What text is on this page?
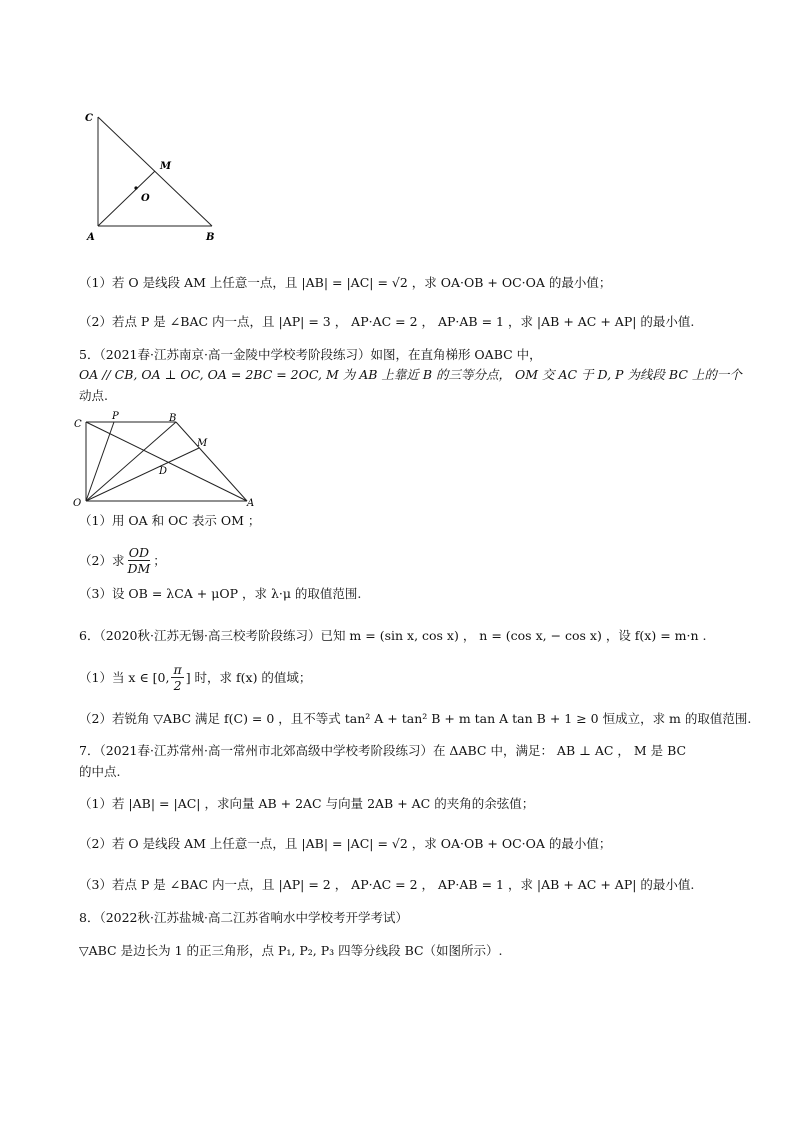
C
M
O
A	B
（1）若 O 是线段 AM 上任意一点，且 |AB| = |AC| = √2 ，求 OA·OB + OC·OA 的最小值；
（2）若点 P 是 ∠BAC 内一点，且 |AP| = 3 ， AP·AC = 2 ， AP·AB = 1 ，求 |AB + AC + AP| 的最小值.
5．（2021春·江苏南京·高一金陵中学校考阶段练习）如图，在直角梯形 OABC 中，
OA // CB, OA ⊥ OC, OA = 2BC = 2OC, M 为 AB 上靠近 B 的三等分点， OM 交 AC 于 D, P 为线段 BC 上的一个
动点.
C
P	B
M
D
O	A
（1）用 OA 和 OC 表示 OM ；
（2）求 $\frac{OD}{DM}$ ；
（3）设 OB = λCA + μOP ，求 λ·μ 的取值范围.
6．（2020秋·江苏无锡·高三校考阶段练习）已知 m = (sin x, cos x) ， n = (cos x, − cos x) ，设 f(x) = m·n .
（1）当 x ∈ [0, $\frac{\pi}{2}$ ] 时，求 f(x) 的值域；
（2）若锐角 ▽ABC 满足 f(C) = 0 ，且不等式 tan² A + tan² B + m tan A tan B + 1 ≥ 0 恒成立，求 m 的取值范围.
7．（2021春·江苏常州·高一常州市北郊高级中学校考阶段练习）在 ΔABC 中，满足： AB ⊥ AC ， M 是 BC
的中点.
（1）若 |AB| = |AC| ，求向量 AB + 2AC 与向量 2AB + AC 的夹角的余弦值；
（2）若 O 是线段 AM 上任意一点，且 |AB| = |AC| = √2 ，求 OA·OB + OC·OA 的最小值；
（3）若点 P 是 ∠BAC 内一点，且 |AP| = 2 ， AP·AC = 2 ， AP·AB = 1 ，求 |AB + AC + AP| 的最小值.
8．（2022秋·江苏盐城·高二江苏省响水中学校考开学考试）
▽ABC 是边长为 1 的正三角形，点 P₁, P₂, P₃ 四等分线段 BC（如图所示）.
